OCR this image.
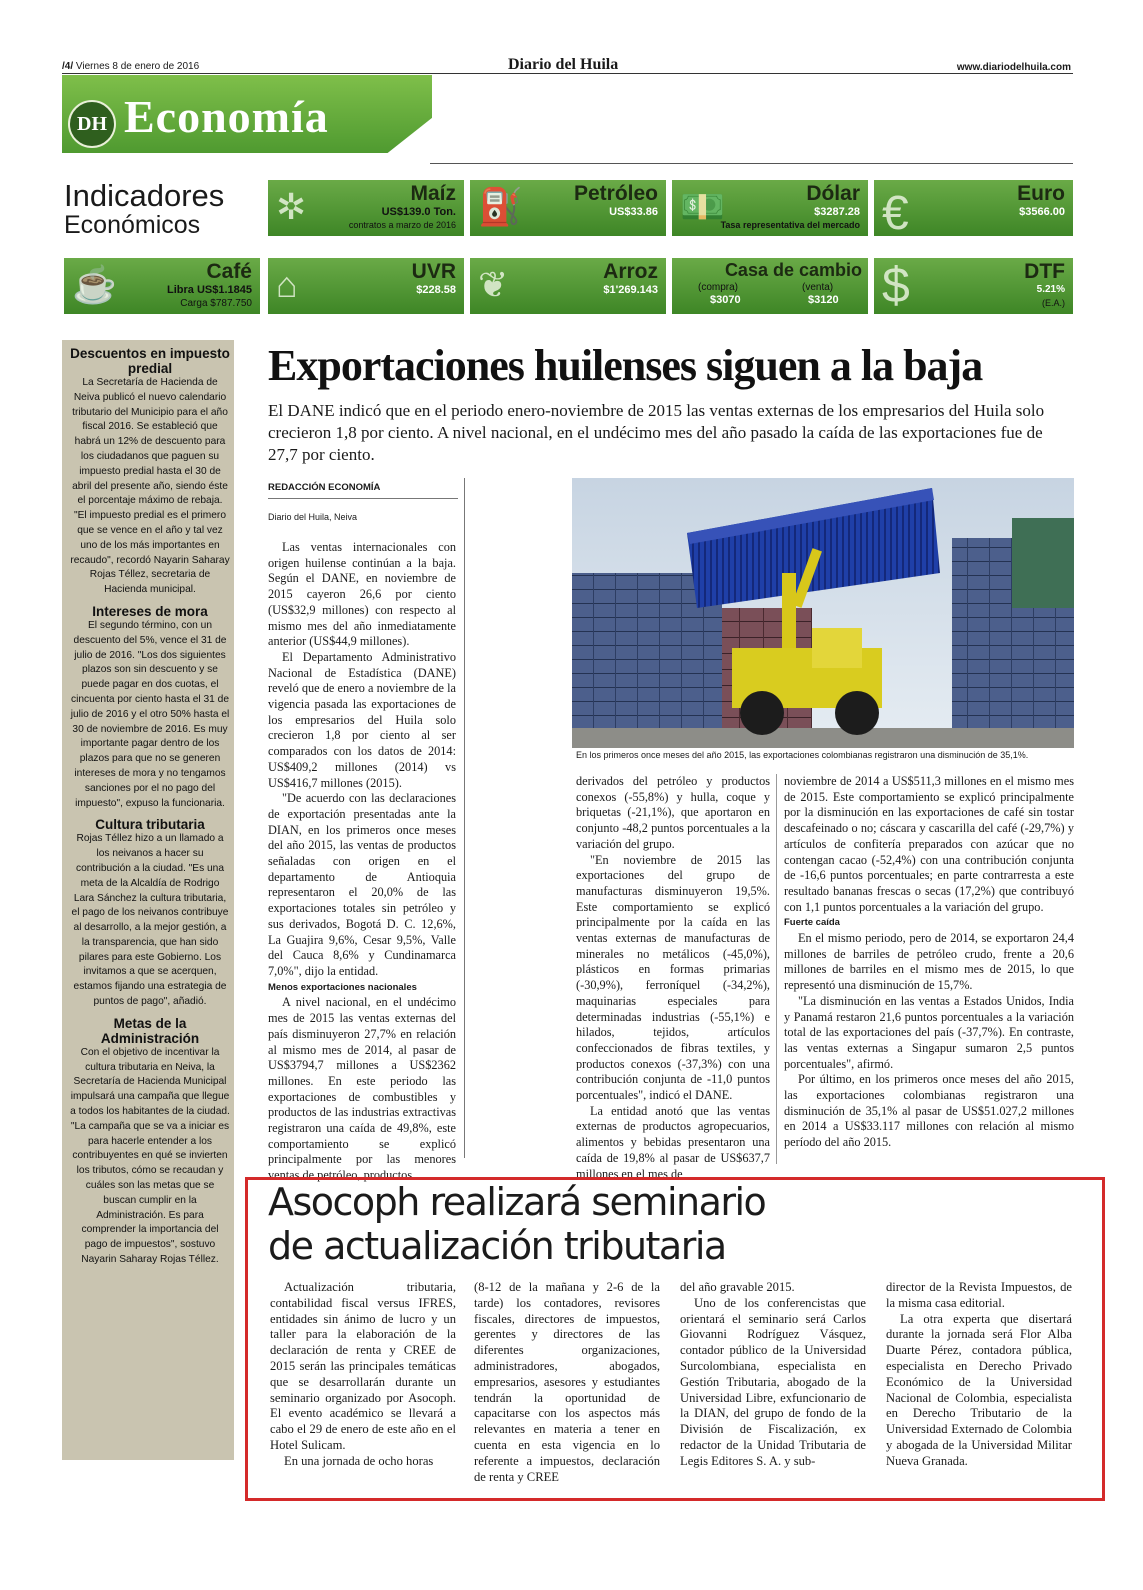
/4/ Viernes 8 de enero de 2016	Diario del Huila	www.diariodelhuila.com
DH Economía
Indicadores
Económicos	✲	Maíz
US$139.0 Ton.
contratos a marzo de 2016 ⛽ Petróleo
US$33.86 💵	Dólar
$3287.28
Tasa representativa del mercado €	Euro
$3566.00
☕	Café
Libra US$1.1845
Carga $787.750 ⌂	UVR
$228.58 ❦	Arroz
$1'269.143
Casa de cambio
(compra)
$3070
(venta)
$3120 $	DTF
5.21%
(E.A.)

Descuentos en impuesto predial

La Secretaría de Hacienda de Neiva publicó el nuevo calendario tributario del Municipio para el año fiscal 2016. Se estableció que habrá un 12% de descuento para los ciudadanos que paguen su impuesto predial hasta el 30 de abril del presente año, siendo éste el porcentaje máximo de rebaja. "El impuesto predial es el primero que se vence en el año y tal vez uno de los más importantes en recaudo", recordó Nayarin Saharay Rojas Téllez, secretaria de Hacienda municipal.

Intereses de mora

El segundo término, con un descuento del 5%, vence el 31 de julio de 2016. "Los dos siguientes plazos son sin descuento y se puede pagar en dos cuotas, el cincuenta por ciento hasta el 31 de julio de 2016 y el otro 50% hasta el 30 de noviembre de 2016. Es muy importante pagar dentro de los plazos para que no se generen intereses de mora y no tengamos sanciones por el no pago del impuesto", expuso la funcionaria.

Cultura tributaria

Rojas Téllez hizo a un llamado a los neivanos a hacer su contribución a la ciudad. "Es una meta de la Alcaldía de Rodrigo Lara Sánchez la cultura tributaria, el pago de los neivanos contribuye al desarrollo, a la mejor gestión, a la transparencia, que han sido pilares para este Gobierno. Los invitamos a que se acerquen, estamos fijando una estrategia de puntos de pago", añadió.

Metas de la Administración

Con el objetivo de incentivar la cultura tributaria en Neiva, la Secretaría de Hacienda Municipal impulsará una campaña que llegue a todos los habitantes de la ciudad. "La campaña que se va a iniciar es para hacerle entender a los contribuyentes en qué se invierten los tributos, cómo se recaudan y cuáles son las metas que se buscan cumplir en la Administración. Es para comprender la importancia del pago de impuestos", sostuvo Nayarin Saharay Rojas Téllez.

Exportaciones huilenses siguen a la baja
El DANE indicó que en el periodo enero-noviembre de 2015 las ventas externas de los empresarios del Huila solo crecieron 1,8 por ciento. A nivel nacional, en el undécimo mes del año pasado la caída de las exportaciones fue de 27,7 por ciento.
REDACCIÓN ECONOMÍA
Diario del Huila, Neiva

Las ventas internacionales con origen huilense continúan a la baja. Según el DANE, en noviembre de 2015 cayeron 26,6 por ciento (US$32,9 millones) con respecto al mismo mes del año inmediatamente anterior (US$44,9 millones).

El Departamento Administrativo Nacional de Estadística (DANE) reveló que de enero a noviembre de la vigencia pasada las exportaciones de los empresarios del Huila solo crecieron 1,8 por ciento al ser comparados con los datos de 2014: US$409,2 millones (2014) vs US$416,7 millones (2015).

"De acuerdo con las declaraciones de exportación presentadas ante la DIAN, en los primeros once meses del año 2015, las ventas de productos señaladas con origen en el departamento de Antioquia representaron el 20,0% de las exportaciones totales sin petróleo y sus derivados, Bogotá D. C. 12,6%, La Guajira 9,6%, Cesar 9,5%, Valle del Cauca 8,6% y Cundinamarca 7,0%", dijo la entidad.

Menos exportaciones nacionales

A nivel nacional, en el undécimo mes de 2015 las ventas externas del país disminuyeron 27,7% en relación al mismo mes de 2014, al pasar de US$3794,7 millones a US$2362 millones. En este periodo las exportaciones de combustibles y productos de las industrias extractivas registraron una caída de 49,8%, este comportamiento se explicó principalmente por las menores ventas de petróleo, productos

En los primeros once meses del año 2015, las exportaciones colombianas registraron una disminución de 35,1%.

derivados del petróleo y productos conexos (-55,8%) y hulla, coque y briquetas (-21,1%), que aportaron en conjunto -48,2 puntos porcentuales a la variación del grupo.

"En noviembre de 2015 las exportaciones del grupo de manufacturas disminuyeron 19,5%. Este comportamiento se explicó principalmente por la caída en las ventas externas de manufacturas de minerales no metálicos (-45,0%), plásticos en formas primarias (-30,9%), ferroníquel (-34,2%), maquinarias especiales para determinadas industrias (-55,1%) e hilados, tejidos, artículos confeccionados de fibras textiles, y productos conexos (-37,3%) con una contribución conjunta de -11,0 puntos porcentuales", indicó el DANE.

La entidad anotó que las ventas externas de productos agropecuarios, alimentos y bebidas presentaron una caída de 19,8% al pasar de US$637,7 millones en el mes de

noviembre de 2014 a US$511,3 millones en el mismo mes de 2015. Este comportamiento se explicó principalmente por la disminución en las exportaciones de café sin tostar descafeinado o no; cáscara y cascarilla del café (-29,7%) y artículos de confitería preparados con azúcar que no contengan cacao (-52,4%) con una contribución conjunta de -16,6 puntos porcentuales; en parte contrarresta a este resultado bananas frescas o secas (17,2%) que contribuyó con 1,1 puntos porcentuales a la variación del grupo.

Fuerte caída

En el mismo periodo, pero de 2014, se exportaron 24,4 millones de barriles de petróleo crudo, frente a 20,6 millones de barriles en el mismo mes de 2015, lo que representó una disminución de 15,7%.

"La disminución en las ventas a Estados Unidos, India y Panamá restaron 21,6 puntos porcentuales a la variación total de las exportaciones del país (-37,7%). En contraste, las ventas externas a Singapur sumaron 2,5 puntos porcentuales", afirmó.

Por último, en los primeros once meses del año 2015, las exportaciones colombianas registraron una disminución de 35,1% al pasar de US$51.027,2 millones en 2014 a US$33.117 millones con relación al mismo período del año 2015.

Asocoph realizará seminario
de actualización tributaria

Actualización tributaria, contabilidad fiscal versus IFRES, entidades sin ánimo de lucro y un taller para la elaboración de la declaración de renta y CREE de 2015 serán las principales temáticas que se desarrollarán durante un seminario organizado por Asocoph. El evento académico se llevará a cabo el 29 de enero de este año en el Hotel Sulicam.

En una jornada de ocho horas

(8-12 de la mañana y 2-6 de la tarde) los contadores, revisores fiscales, directores de impuestos, gerentes y directores de las diferentes organizaciones, administradores, abogados, empresarios, asesores y estudiantes tendrán la oportunidad de capacitarse con los aspectos más relevantes en materia a tener en cuenta en esta vigencia en lo referente a impuestos, declaración de renta y CREE

del año gravable 2015.

Uno de los conferencistas que orientará el seminario será Carlos Giovanni Rodríguez Vásquez, contador público de la Universidad Surcolombiana, especialista en Gestión Tributaria, abogado de la Universidad Libre, exfuncionario de la DIAN, del grupo de fondo de la División de Fiscalización, ex redactor de la Unidad Tributaria de Legis Editores S. A. y sub-

director de la Revista Impuestos, de la misma casa editorial.

La otra experta que disertará durante la jornada será Flor Alba Duarte Pérez, contadora pública, especialista en Derecho Privado Económico de la Universidad Nacional de Colombia, especialista en Derecho Tributario de la Universidad Externado de Colombia y abogada de la Universidad Militar Nueva Granada.
